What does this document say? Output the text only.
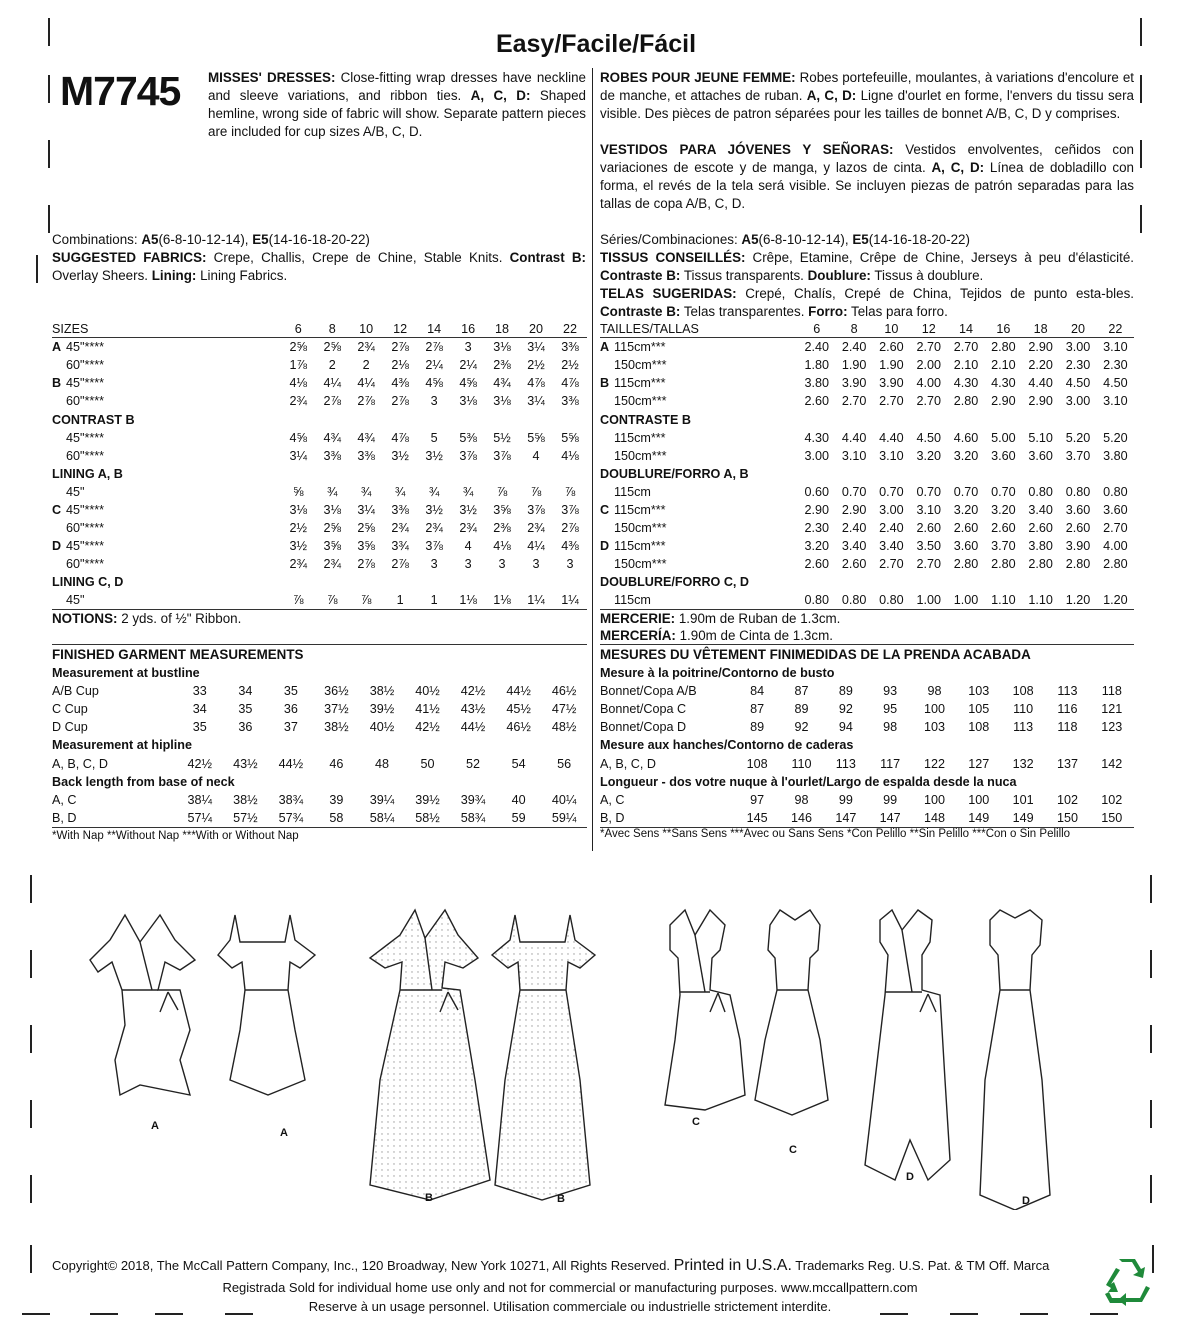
Easy/Facile/Fácil
M7745 MISSES' DRESSES: Close-fitting wrap dresses have neckline and sleeve variations, and ribbon ties. A, C, D: Shaped hemline, wrong side of fabric will show. Separate pattern pieces are included for cup sizes A/B, C, D.
ROBES POUR JEUNE FEMME: Robes portefeuille, moulantes, à variations d'encolure et de manche, et attaches de ruban. A, C, D: Ligne d'ourlet en forme, l'envers du tissu sera visible. Des pièces de patron séparées pour les tailles de bonnet A/B, C, D y comprises.
VESTIDOS PARA JÓVENES Y SEÑORAS: Vestidos envolventes, ceñidos con variaciones de escote y de manga, y lazos de cinta. A, C, D: Línea de dobladillo con forma, el revés de la tela será visible. Se incluyen piezas de patrón separadas para las tallas de copa A/B, C, D.
Combinations: A5(6-8-10-12-14), E5(14-16-18-20-22)
SUGGESTED FABRICS: Crepe, Challis, Crepe de Chine, Stable Knits. Contrast B: Overlay Sheers. Lining: Lining Fabrics.
Séries/Combinaciones: A5(6-8-10-12-14), E5(14-16-18-20-22)
TISSUS CONSEILLÉS: Crêpe, Etamine, Crêpe de Chine, Jerseys à peu d'élasticité. Contraste B: Tissus transparents. Doublure: Tissus à doublure.
TELAS SUGERIDAS: Crepé, Chalís, Crepé de China, Tejidos de punto esta-bles. Contraste B: Telas transparentes. Forro: Telas para forro.
SIZES		6	8	10	12	14	16	18	20	22
A	45"****	2⅝	2⅝	2¾	2⅞	2⅞	3	3⅛	3¼	3⅜
	60"****	1⅞	2	2	2⅛	2¼	2¼	2⅜	2½	2½
B	45"****	4⅛	4¼	4¼	4⅜	4⅝	4⅝	4¾	4⅞	4⅞
	60"****	2¾	2⅞	2⅞	2⅞	3	3⅛	3⅛	3¼	3⅜
CONTRAST B										
	45"****	4⅝	4¾	4¾	4⅞	5	5⅜	5½	5⅝	5⅝
	60"****	3¼	3⅜	3⅜	3½	3½	3⅞	3⅞	4	4⅛
LINING A, B										
	45"	⅝	¾	¾	¾	¾	¾	⅞	⅞	⅞
C	45"****	3⅛	3⅛	3¼	3⅜	3½	3½	3⅝	3⅞	3⅞
	60"****	2½	2⅝	2⅝	2¾	2¾	2¾	2⅜	2¾	2⅞
D	45"****	3½	3⅝	3⅝	3¾	3⅞	4	4⅛	4¼	4⅜
	60"****	2¾	2¾	2⅞	2⅞	3	3	3	3	3
LINING C, D										
	45"	⅞	⅞	⅞	1	1	1⅛	1⅛	1¼	1¼
TAILLES/TALLAS		6	8	10	12	14	16	18	20	22
A	115cm***	2.40	2.40	2.60	2.70	2.70	2.80	2.90	3.00	3.10
	150cm***	1.80	1.90	1.90	2.00	2.10	2.10	2.20	2.30	2.30
B	115cm***	3.80	3.90	3.90	4.00	4.30	4.30	4.40	4.50	4.50
	150cm***	2.60	2.70	2.70	2.70	2.80	2.90	2.90	3.00	3.10
CONTRASTE B										
	115cm***	4.30	4.40	4.40	4.50	4.60	5.00	5.10	5.20	5.20
	150cm***	3.00	3.10	3.10	3.20	3.20	3.60	3.60	3.70	3.80
DOUBLURE/FORRO A, B										
	115cm	0.60	0.70	0.70	0.70	0.70	0.70	0.80	0.80	0.80
C	115cm***	2.90	2.90	3.00	3.10	3.20	3.20	3.40	3.60	3.60
	150cm***	2.30	2.40	2.40	2.60	2.60	2.60	2.60	2.60	2.70
D	115cm***	3.20	3.40	3.40	3.50	3.60	3.70	3.80	3.90	4.00
	150cm***	2.60	2.60	2.70	2.70	2.80	2.80	2.80	2.80	2.80
DOUBLURE/FORRO C, D										
	115cm	0.80	0.80	0.80	1.00	1.00	1.10	1.10	1.20	1.20
NOTIONS: 2 yds. of ½" Ribbon.	MERCERIE: 1.90m de Ruban de 1.3cm.
MERCERÍA: 1.90m de Cinta de 1.3cm.
FINISHED GARMENT MEASUREMENTS	MESURES DU VÊTEMENT FINIMEDIDAS DE LA PRENDA ACABADA
Measurement at bustline									
A/B Cup	33	34	35	36½	38½	40½	42½	44½	46½
C Cup	34	35	36	37½	39½	41½	43½	45½	47½
D Cup	35	36	37	38½	40½	42½	44½	46½	48½
Measurement at hipline									
A, B, C, D	42½	43½	44½	46	48	50	52	54	56
Back length from base of neck									
A, C	38¼	38½	38¾	39	39¼	39½	39¾	40	40¼
B, D	57¼	57½	57¾	58	58¼	58½	58¾	59	59¼
Mesure à la poitrine/Contorno de busto									
Bonnet/Copa A/B	84	87	89	93	98	103	108	113	118
Bonnet/Copa C	87	89	92	95	100	105	110	116	121
Bonnet/Copa D	89	92	94	98	103	108	113	118	123
Mesure aux hanches/Contorno de caderas									
A, B, C, D	108	110	113	117	122	127	132	137	142
Longueur - dos votre nuque à l'ourlet/Largo de espalda desde la nuca									
A, C	97	98	99	99	100	100	101	102	102
B, D	145	146	147	147	148	149	149	150	150
*With Nap **Without Nap ***With or Without Nap	*Avec Sens **Sans Sens ***Avec ou Sans Sens *Con Pelillo **Sin Pelillo ***Con o Sin Pelillo
A
A
B	B
C
C
D
D
Copyright© 2018, The McCall Pattern Company, Inc., 120 Broadway, New York 10271, All Rights Reserved. Printed in U.S.A. Trademarks Reg. U.S. Pat. & TM Off. Marca
Registrada Sold for individual home use only and not for commercial or manufacturing purposes. www.mccallpattern.com
Reserve à un usage personnel. Utilisation commerciale ou industrielle strictement interdite.
